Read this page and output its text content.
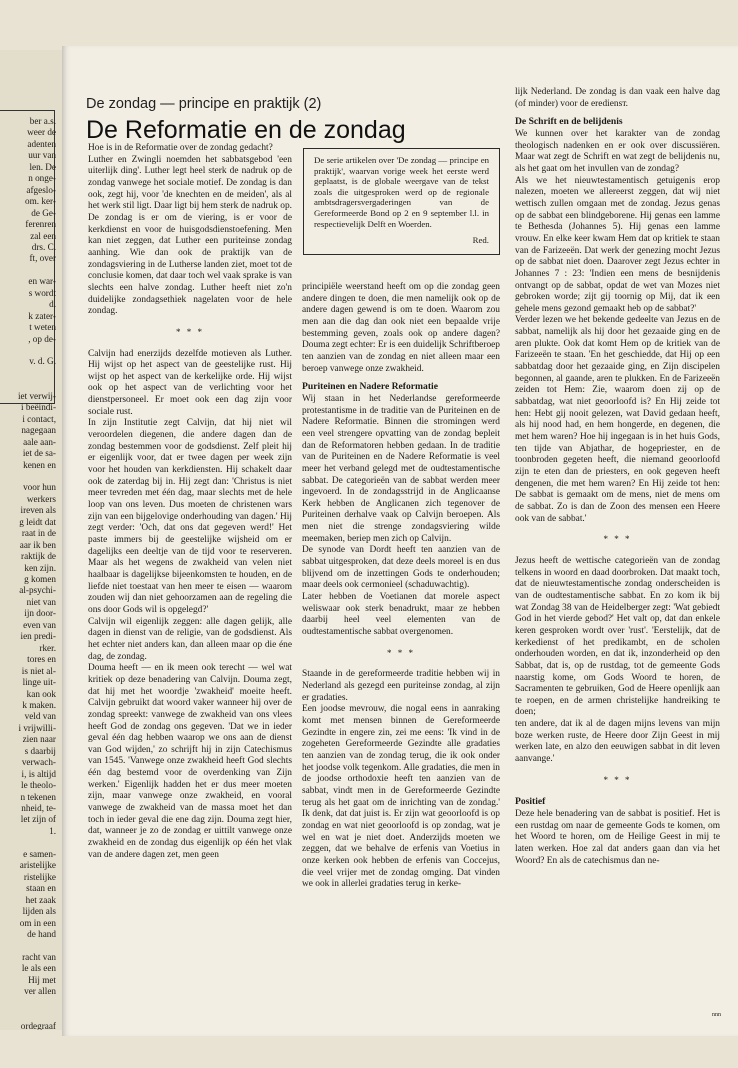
ber a.s.
weer de
adenten
uur van
len. De
n onge-
afgeslo-
om. ker-
de Ge-
ferenren
zal een
drs. C.
ft, over
en war-
s wordt
d.
k zater-
t weten
, op de-
v. d. G.
iet verwij-
i beëindi-
i contact,
nagegaan
aale aan-
iet de sa-
kenen en
voor hun
werkers
ireven als
g leidt dat
raat in de
aar ik ben
raktijk de
ken zijn.
g komen
al-psychi-
niet van
ijn door-
even van
ien predi-
rker.
tores en
is niet al-
linge uit-
kan ook
k maken.
veld van
i vrijwilli-
zien naar
s daarbij
verwach-
i, is altijd
le theolo-
n tekenen
nheid, te-
let zijn of
1.
e samen-
aristelijke
ristelijke
staan en
het zaak
lijden als
om in een
de hand
racht van
le als een
Hij met
ver allen
ordegraaf
De zondag — principe en praktijk (2)
De Reformatie en de zondag
De serie artikelen over 'De zondag — principe en praktijk', waarvan vorige week het eerste werd geplaatst, is de globale weergave van de tekst zoals die uitgesproken werd op de regionale ambtsdragersvergaderingen van de Gereformeerde Bond op 2 en 9 september l.l. in respectievelijk Delft en Woerden.
Red.

Hoe is in de Reformatie over de zondag gedacht?

Luther en Zwingli noemden het sabbatsgebod 'een uiterlijk ding'. Luther legt heel sterk de nadruk op de zondag vanwege het sociale motief. De zondag is dan ook, zegt hij, voor 'de knechten en de meiden', als al het werk stil ligt. Daar ligt bij hem sterk de nadruk op. De zondag is er om de viering, is er voor de kerkdienst en voor de huisgodsdienstoefening. Men kan niet zeggen, dat Luther een puriteinse zondag aanhing. Wie dan ook de praktijk van de zondagsviering in de Lutherse landen ziet, moet tot de conclusie komen, dat daar toch wel vaak sprake is van slechts een halve zondag. Luther heeft niet zo'n duidelijke zondagsethiek nagelaten voor de hele zondag.

* * *

Calvijn had enerzijds dezelfde motieven als Luther. Hij wijst op het aspect van de geestelijke rust. Hij wijst op het aspect van de kerkelijke orde. Hij wijst ook op het aspect van de verlichting voor het dienstpersoneel. Er moet ook een dag zijn voor sociale rust.

In zijn Institutie zegt Calvijn, dat hij niet wil veroordelen diegenen, die andere dagen dan de zondag bestemmen voor de godsdienst. Zelf pleit hij er eigenlijk voor, dat er twee dagen per week zijn voor het houden van kerkdiensten. Hij schakelt daar ook de zaterdag bij in. Hij zegt dan: 'Christus is niet meer tevreden met één dag, maar slechts met de hele loop van ons leven. Dus moeten de christenen wars zijn van een bijgelovige onderhouding van dagen.' Hij zegt verder: 'Och, dat ons dat gegeven werd!' Het paste immers bij de geestelijke wijsheid om er dagelijks een deeltje van de tijd voor te reserveren. Maar als het wegens de zwakheid van velen niet haalbaar is dagelijkse bijeenkomsten te houden, en de liefde niet toestaat van hen meer te eisen — waarom zouden wij dan niet gehoorzamen aan de regeling die ons door Gods wil is opgelegd?'

Calvijn wil eigenlijk zeggen: alle dagen gelijk, alle dagen in dienst van de religie, van de godsdienst. Als het echter niet anders kan, dan alleen maar op die éne dag, de zondag.

Douma heeft — en ik meen ook terecht — wel wat kritiek op deze benadering van Calvijn. Douma zegt, dat hij met het woordje 'zwakheid' moeite heeft. Calvijn gebruikt dat woord vaker wanneer hij over de zondag spreekt: vanwege de zwakheid van ons vlees heeft God de zondag ons gegeven. 'Dat we in ieder geval één dag hebben waarop we ons aan de dienst van God wijden,' zo schrijft hij in zijn Catechismus van 1545. 'Vanwege onze zwakheid heeft God slechts één dag bestemd voor de overdenking van Zijn werken.' Eigenlijk hadden het er dus meer moeten zijn, maar vanwege onze zwakheid, en vooral vanwege de zwakheid van de massa moet het dan toch in ieder geval die ene dag zijn. Douma zegt hier, dat, wanneer je zo de zondag er uittilt vanwege onze zwakheid en de zondag dus eigenlijk op één het vlak van de andere dagen zet, men geen

principiële weerstand heeft om op die zondag geen andere dingen te doen, die men namelijk ook op de andere dagen gewend is om te doen. Waarom zou men aan die dag dan ook niet een bepaalde vrije bestemming geven, zoals ook op andere dagen? Douma zegt echter: Er is een duidelijk Schriftberoep ten aanzien van de zondag en niet alleen maar een beroep vanwege onze zwakheid.

Puriteinen en Nadere Reformatie

Wij staan in het Nederlandse gereformeerde protestantisme in de traditie van de Puriteinen en de Nadere Reformatie. Binnen die stromingen werd een veel strengere opvatting van de zondag bepleit dan de Reformatoren hebben gedaan. In de traditie van de Puriteinen en de Nadere Reformatie is veel meer het verband gelegd met de oudtestamentische sabbat. De categorieën van de sabbat werden meer ingevoerd. In de zondagsstrijd in de Anglicaanse Kerk hebben de Anglicanen zich tegenover de Puriteinen derhalve vaak op Calvijn beroepen. Als men niet die strenge zondagsviering wilde meemaken, beriep men zich op Calvijn.

De synode van Dordt heeft ten aanzien van de sabbat uitgesproken, dat deze deels moreel is en dus blijvend om de inzettingen Gods te onderhouden; maar deels ook cermonieel (schaduwachtig).

Later hebben de Voetianen dat morele aspect weliswaar ook sterk benadrukt, maar ze hebben daarbij heel veel elementen van de oudtestamentische sabbat overgenomen.

* * *

Staande in de gereformeerde traditie hebben wij in Nederland als gezegd een puriteinse zondag, al zijn er gradaties.

Een joodse mevrouw, die nogal eens in aanraking komt met mensen binnen de Gereformeerde Gezindte in engere zin, zei me eens: 'Ik vind in de zogeheten Gereformeerde Gezindte alle gradaties ten aanzien van de zondag terug, die ik ook onder het joodse volk tegenkom. Alle gradaties, die men in de joodse orthodoxie heeft ten aanzien van de sabbat, vindt men in de Gereformeerde Gezindte terug als het gaat om de inrichting van de zondag.' Ik denk, dat dat juist is. Er zijn wat geoorloofd is op zondag en wat niet geoorloofd is op zondag, wat je wel en wat je niet doet. Anderzijds moeten we zeggen, dat we behalve de erfenis van Voetius in onze kerken ook hebben de erfenis van Coccejus, die veel vrijer met de zondag omging. Dat vinden we ook in allerlei gradaties terug in kerke-

lijk Nederland. De zondag is dan vaak een halve dag (of minder) voor de erediensт.

De Schrift en de belijdenis

We kunnen over het karakter van de zondag theologisch nadenken en er ook over discussiëren. Maar wat zegt de Schrift en wat zegt de belijdenis nu, als het gaat om het invullen van de zondag?

Als we het nieuwtestamentisch getuigenis erop nalezen, moeten we allereerst zeggen, dat wij niet wettisch zullen omgaan met de zondag. Jezus genas op de sabbat een blindgeborene. Hij genas een lamme te Bethesda (Johannes 5). Hij genas een lamme vrouw. En elke keer kwam Hem dat op kritiek te staan van de Farizeeën. Dat werk der genezing mocht Jezus op de sabbat niet doen. Daarover zegt Jezus echter in Johannes 7 : 23: 'Indien een mens de besnijdenis ontvangt op de sabbat, opdat de wet van Mozes niet gebroken worde; zijt gij toornig op Mij, dat ik een gehele mens gezond gemaakt heb op de sabbat?'

Verder lezen we het bekende gedeelte van Jezus en de sabbat, namelijk als hij door het gezaaide ging en de aren plukte. Ook dat komt Hem op de kritiek van de Farizeeën te staan. 'En het geschiedde, dat Hij op een sabbatdag door het gezaaide ging, en Zijn discipelen begonnen, al gaande, aren te plukken. En de Farizeeën zeiden tot Hem: Zie, waarom doen zij op de sabbatdag, wat niet geoorloofd is? En Hij zeide tot hen: Hebt gij nooit gelezen, wat David gedaan heeft, als hij nood had, en hem hongerde, en degenen, die met hem waren? Hoe hij ingegaan is in het huis Gods, ten tijde van Abjathar, de hogepriester, en de toonbroden gegeten heeft, die niemand geoorloofd zijn te eten dan de priesters, en ook gegeven heeft dengenen, die met hem waren? En Hij zeide tot hen: De sabbat is gemaakt om de mens, niet de mens om de sabbat. Zo is dan de Zoon des mensen een Heere ook van de sabbat.'

* * *

Jezus heeft de wettische categorieën van de zondag telkens in woord en daad doorbroken. Dat maakt toch, dat de nieuwtestamentische zondag onderscheiden is van de oudtestamentische sabbat. En zo kom ik bij wat Zondag 38 van de Heidelberger zegt: 'Wat gebiedt God in het vierde gebod?' Het valt op, dat dan enkele keren gesproken wordt over 'rust'. 'Eerstelijk, dat de kerkedienst of het predikambt, en de scholen onderhouden worden, en dat ik, inzonderheid op den Sabbat, dat is, op de rustdag, tot de gemeente Gods naarstig kome, om Gods Woord te horen, de Sacramenten te gebruiken, God de Heere openlijk aan te roepen, en de armen christelijke handreiking te doen;

ten andere, dat ik al de dagen mijns levens van mijn boze werken ruste, de Heere door Zijn Geest in mij werken late, en alzo den eeuwigen sabbat in dit leven aanvange.'

* * *
Positief

Deze hele benadering van de sabbat is positief. Het is een rustdag om naar de gemeente Gods te komen, om het Woord te horen, om de Heilige Geest in mij te laten werken. Hoe zal dat anders gaan dan via het Woord? En als de catechismus dan ne-

nnn
